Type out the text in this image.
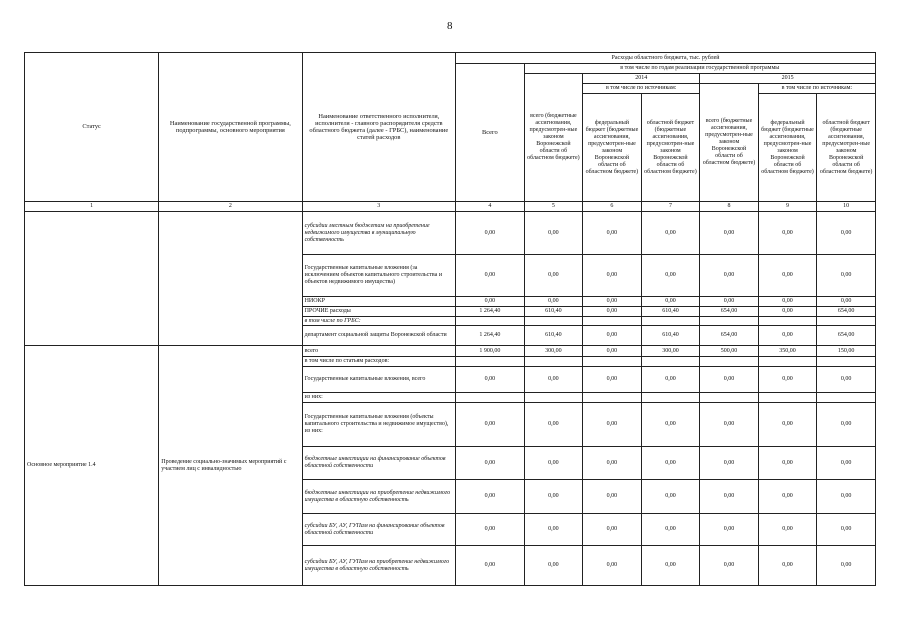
8
Статус	Наименование государственной программы, подпрограммы, основного мероприятия	Наименование ответственного исполнителя, исполнителя - главного распорядителя средств областного бюджета (далее - ГРБС), наименование статей расходов	Расходы областного бюджета, тыс. рублей						
			Всего	в том числе по годам реализации государственной программы					
				всего (бюджетные ассигнования, предусмотрен-ные законом Воронежской области об областном бюджете)	2014		2015		
					в том числе по источникам:		всего (бюджетные ассигнования, предусмотрен-ные законом Воронежской области об областном бюджете)	в том числе по источникам:	
					федеральный бюджет (бюджетные ассигнования, предусмотрен-ные законом Воронежской области об областном бюджете)	областной бюджет (бюджетные ассигнования, предусмотрен-ные законом Воронежской области об областном бюджете)		федеральный бюджет (бюджетные ассигнования, предусмотрен-ные законом Воронежской области об областном бюджете)	областной бюджет (бюджетные ассигнования, предусмотрен-ные законом Воронежской области об областном бюджете)

1	2	3	4	5	6	7	8	9	10
		субсидии местным бюджетам на приобретение недвижимого имущества в муниципальную собственность	0,00	0,00	0,00	0,00	0,00	0,00	0,00
		Государственные капитальные вложения (за исключением объектов капитального строительства и объектов недвижимого имущества)	0,00	0,00	0,00	0,00	0,00	0,00	0,00
		НИОКР	0,00	0,00	0,00	0,00	0,00	0,00	0,00
		ПРОЧИЕ расходы	1 264,40	610,40	0,00	610,40	654,00	0,00	654,00
		в том числе по ГРБС:							
		департамент социальной защиты Воронежской области	1 264,40	610,40	0,00	610,40	654,00	0,00	654,00
Основное мероприятие 1.4	Проведение социально-значимых мероприятий с участием лиц с инвалидностью	всего	1 900,00	300,00	0,00	300,00	500,00	350,00	150,00
		в том числе по статьям расходов:							
		Государственные капитальные вложения, всего	0,00	0,00	0,00	0,00	0,00	0,00	0,00
		из них:							
		Государственные капитальные вложения (объекты капитального строительства и недвижимое имущество), из них:	0,00	0,00	0,00	0,00	0,00	0,00	0,00
		бюджетные инвестиции на финансирование объектов областной собственности	0,00	0,00	0,00	0,00	0,00	0,00	0,00
		бюджетные инвестиции на приобретение недвижимого имущества в областную собственность	0,00	0,00	0,00	0,00	0,00	0,00	0,00
		субсидии БУ, АУ, ГУПам на финансирование объектов областной собственности	0,00	0,00	0,00	0,00	0,00	0,00	0,00
		субсидии БУ, АУ, ГУПам на приобретение недвижимого имущества в областную собственность	0,00	0,00	0,00	0,00	0,00	0,00	0,00
